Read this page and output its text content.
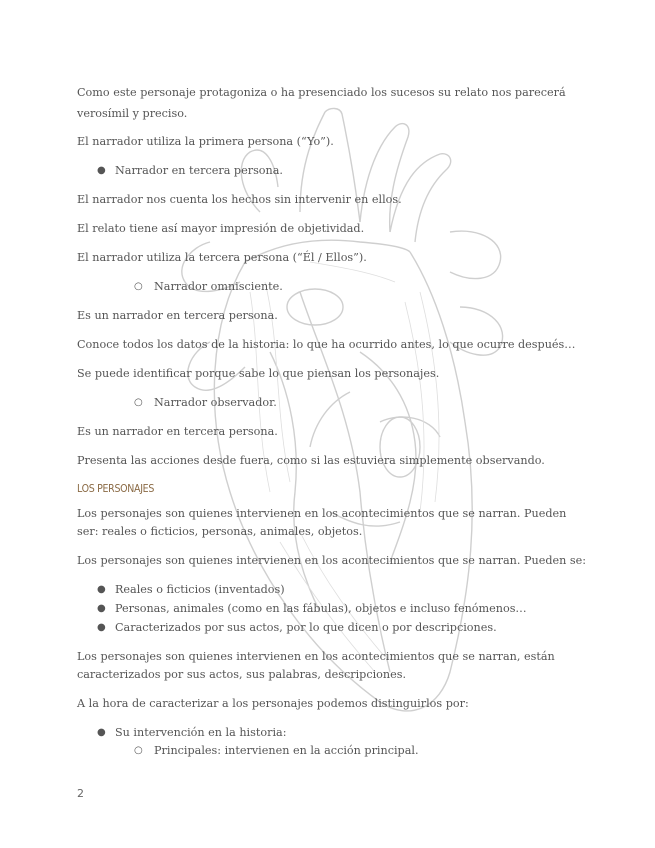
Como este personaje protagoniza o ha presenciado los sucesos su relato nos parecerá

verosímil y preciso.

El narrador utiliza la primera persona (“Yo”).

● Narrador en tercera persona.

El narrador nos cuenta los hechos sin intervenir en ellos.

El relato tiene así mayor impresión de objetividad.

El narrador utiliza la tercera persona (“Él / Ellos”).

○ Narrador omnisciente.

Es un narrador en tercera persona.

Conoce todos los datos de la historia: lo que ha ocurrido antes, lo que ocurre después…

Se puede identificar porque sabe lo que piensan los personajes.

○ Narrador observador.

Es un narrador en tercera persona.

Presenta las acciones desde fuera, como si las estuviera simplemente observando.

LOS PERSONAJES

Los personajes son quienes intervienen en los acontecimientos que se narran. Pueden

ser: reales o ficticios, personas, animales, objetos.

Los personajes son quienes intervienen en los acontecimientos que se narran. Pueden se:

● Reales o ficticios (inventados)
● Personas, animales (como en las fábulas), objetos e incluso fenómenos…
● Caracterizados por sus actos, por lo que dicen o por descripciones.

Los personajes son quienes intervienen en los acontecimientos que se narran, están

caracterizados por sus actos, sus palabras, descripciones.

A la hora de caracterizar a los personajes podemos distinguirlos por:

● Su intervención en la historia:
○ Principales: intervienen en la acción principal.
2
